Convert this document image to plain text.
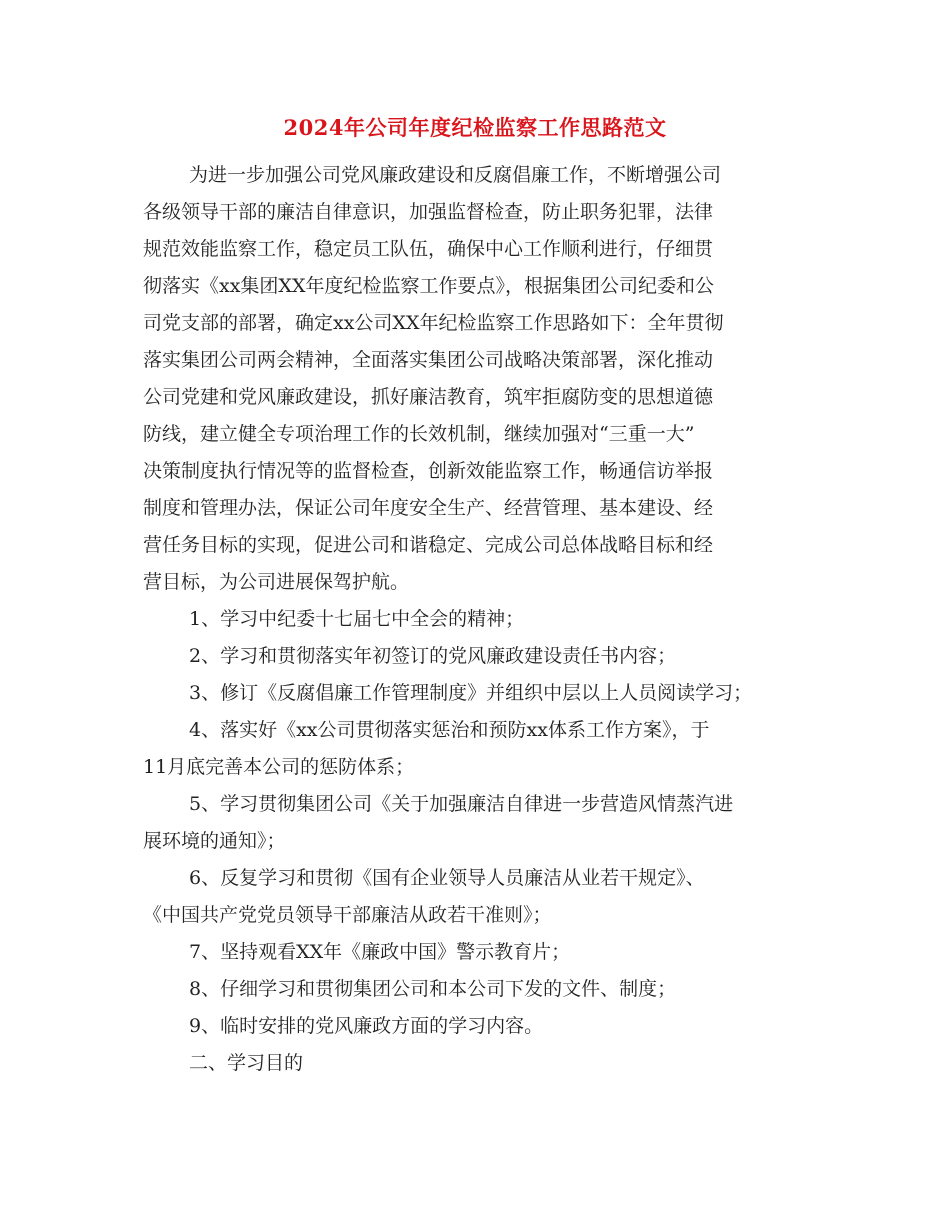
2024年公司年度纪检监察工作思路范文
为进一步加强公司党风廉政建设和反腐倡廉工作，不断增强公司
各级领导干部的廉洁自律意识，加强监督检查，防止职务犯罪，法律
规范效能监察工作，稳定员工队伍，确保中心工作顺利进行，仔细贯
彻落实《xx集团XX年度纪检监察工作要点》，根据集团公司纪委和公
司党支部的部署，确定xx公司XX年纪检监察工作思路如下：全年贯彻
落实集团公司两会精神，全面落实集团公司战略决策部署，深化推动
公司党建和党风廉政建设，抓好廉洁教育，筑牢拒腐防变的思想道德
防线，建立健全专项治理工作的长效机制，继续加强对“三重一大”
决策制度执行情况等的监督检查，创新效能监察工作，畅通信访举报
制度和管理办法，保证公司年度安全生产、经营管理、基本建设、经
营任务目标的实现，促进公司和谐稳定、完成公司总体战略目标和经
营目标，为公司进展保驾护航。
1、学习中纪委十七届七中全会的精神；
2、学习和贯彻落实年初签订的党风廉政建设责任书内容；
3、修订《反腐倡廉工作管理制度》并组织中层以上人员阅读学习；
4、落实好《xx公司贯彻落实惩治和预防xx体系工作方案》，于
11月底完善本公司的惩防体系；
5、学习贯彻集团公司《关于加强廉洁自律进一步营造风情蒸汽进
展环境的通知》；
6、反复学习和贯彻《国有企业领导人员廉洁从业若干规定》、
《中国共产党党员领导干部廉洁从政若干准则》；
7、坚持观看XX年《廉政中国》警示教育片；
8、仔细学习和贯彻集团公司和本公司下发的文件、制度；
9、临时安排的党风廉政方面的学习内容。
二、学习目的
